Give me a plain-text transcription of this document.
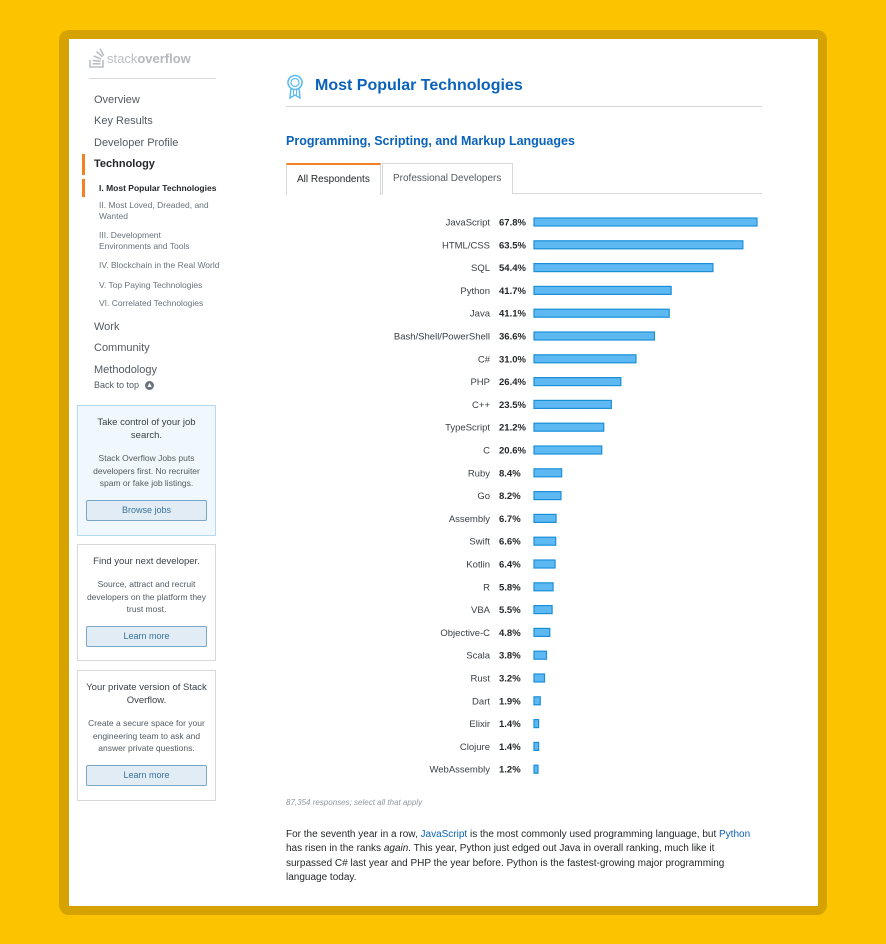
stack overflow
Overview
Key Results
Developer Profile
Technology
I. Most Popular Technologies
II. Most Loved, Dreaded, and Wanted
III. Development Environments and Tools
IV. Blockchain in the Real World
V. Top Paying Technologies
VI. Correlated Technologies
Work
Community
Methodology
Back to top ▲
Take control of your job search.
Stack Overflow Jobs puts developers first. No recruiter spam or fake job listings.
Browse jobs
Find your next developer.
Source, attract and recruit developers on the platform they trust most.
Learn more
Your private version of Stack Overflow.
Create a secure space for your engineering team to ask and answer private questions.
Learn more
Most Popular Technologies
Programming, Scripting, and Markup Languages
All Respondents	Professional Developers
JavaScript 67.8%
HTML/CSS 63.5%
SQL 54.4%
Python 41.7%
Java 41.1%
Bash/Shell/PowerShell 36.6%
C# 31.0%
PHP 26.4%
C++ 23.5%
TypeScript 21.2%
C 20.6%
Ruby 8.4%
Go 8.2%
Assembly 6.7%
Swift 6.6%
Kotlin 6.4%
R 5.8%
VBA 5.5%
Objective-C 4.8%
Scala 3.8%
Rust 3.2%
Dart 1.9%
Elixir 1.4%
Clojure 1.4%
WebAssembly 1.2%
87,354 responses; select all that apply

For the seventh year in a row, JavaScript is the most commonly used programming language, but Python has risen in the ranks again. This year, Python just edged out Java in overall ranking, much like it surpassed C# last year and PHP the year before. Python is the fastest-growing major programming language today.
